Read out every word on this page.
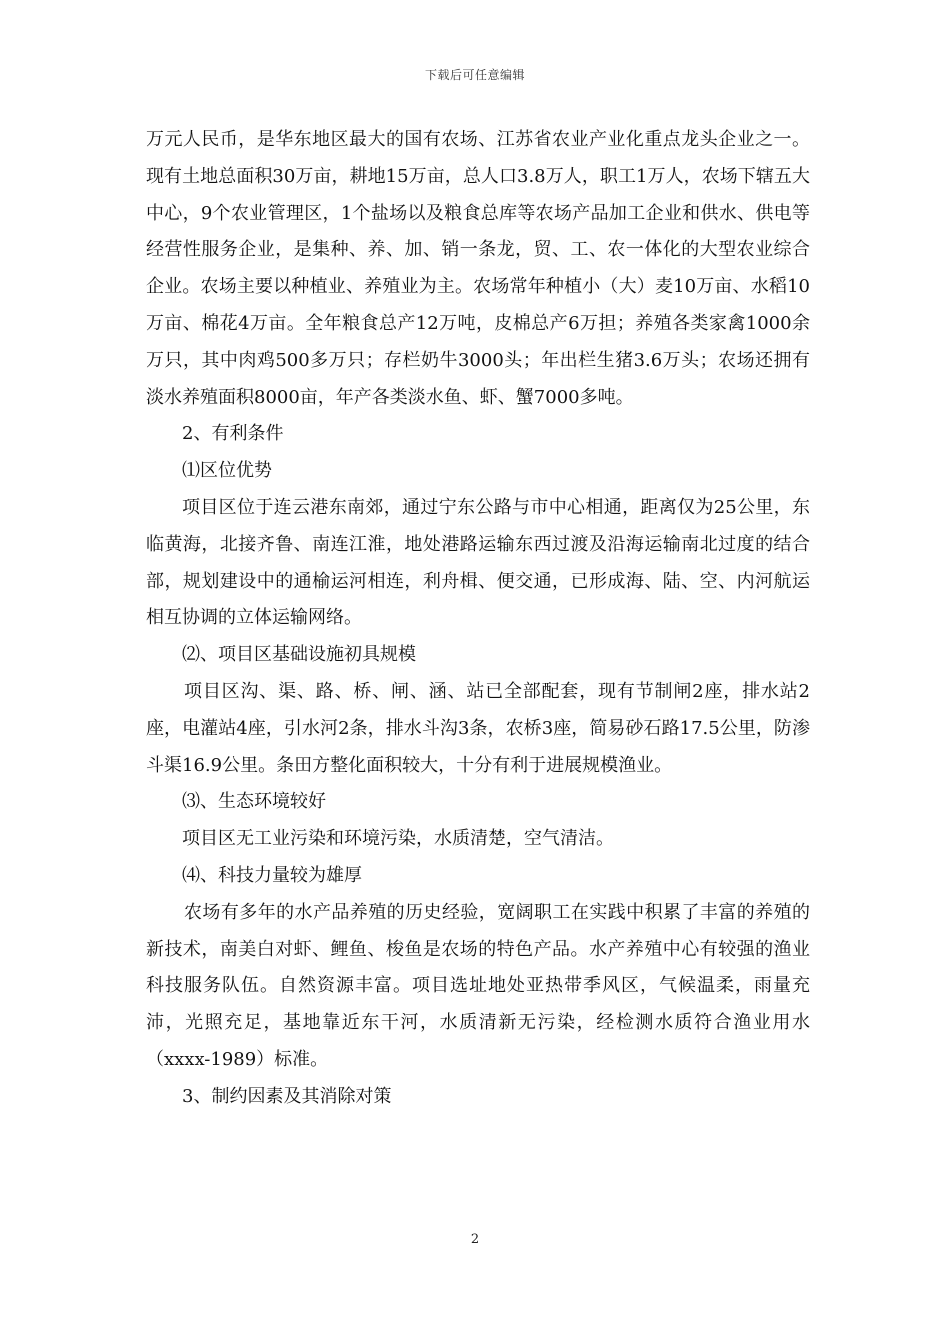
下载后可任意编辑

万元人民币，是华东地区最大的国有农场、江苏省农业产业化重点龙头企业之一。现有土地总面积30万亩，耕地15万亩，总人口3.8万人，职工1万人，农场下辖五大中心，9个农业管理区，1个盐场以及粮食总库等农场产品加工企业和供水、供电等经营性服务企业，是集种、养、加、销一条龙，贸、工、农一体化的大型农业综合企业。农场主要以种植业、养殖业为主。农场常年种植小（大）麦10万亩、水稻10万亩、棉花4万亩。全年粮食总产12万吨，皮棉总产6万担；养殖各类家禽1000余万只，其中肉鸡500多万只；存栏奶牛3000头；年出栏生猪3.6万头；农场还拥有淡水养殖面积8000亩，年产各类淡水鱼、虾、蟹7000多吨。

2、有利条件

⑴区位优势

项目区位于连云港东南郊，通过宁东公路与市中心相通，距离仅为25公里，东临黄海，北接齐鲁、南连江淮，地处港路运输东西过渡及沿海运输南北过度的结合部，规划建设中的通榆运河相连，利舟楫、便交通，已形成海、陆、空、内河航运相互协调的立体运输网络。

⑵、项目区基础设施初具规模

项目区沟、渠、路、桥、闸、涵、站已全部配套，现有节制闸2座，排水站2座，电灌站4座，引水河2条，排水斗沟3条，农桥3座，简易砂石路17.5公里，防渗斗渠16.9公里。条田方整化面积较大，十分有利于进展规模渔业。

⑶、生态环境较好

项目区无工业污染和环境污染，水质清楚，空气清洁。

⑷、科技力量较为雄厚

农场有多年的水产品养殖的历史经验，宽阔职工在实践中积累了丰富的养殖的新技术，南美白对虾、鲤鱼、梭鱼是农场的特色产品。水产养殖中心有较强的渔业科技服务队伍。自然资源丰富。项目选址地处亚热带季风区，气候温柔，雨量充沛，光照充足，基地靠近东干河，水质清新无污染，经检测水质符合渔业用水（xxxx-1989）标准。

3、制约因素及其消除对策

2
